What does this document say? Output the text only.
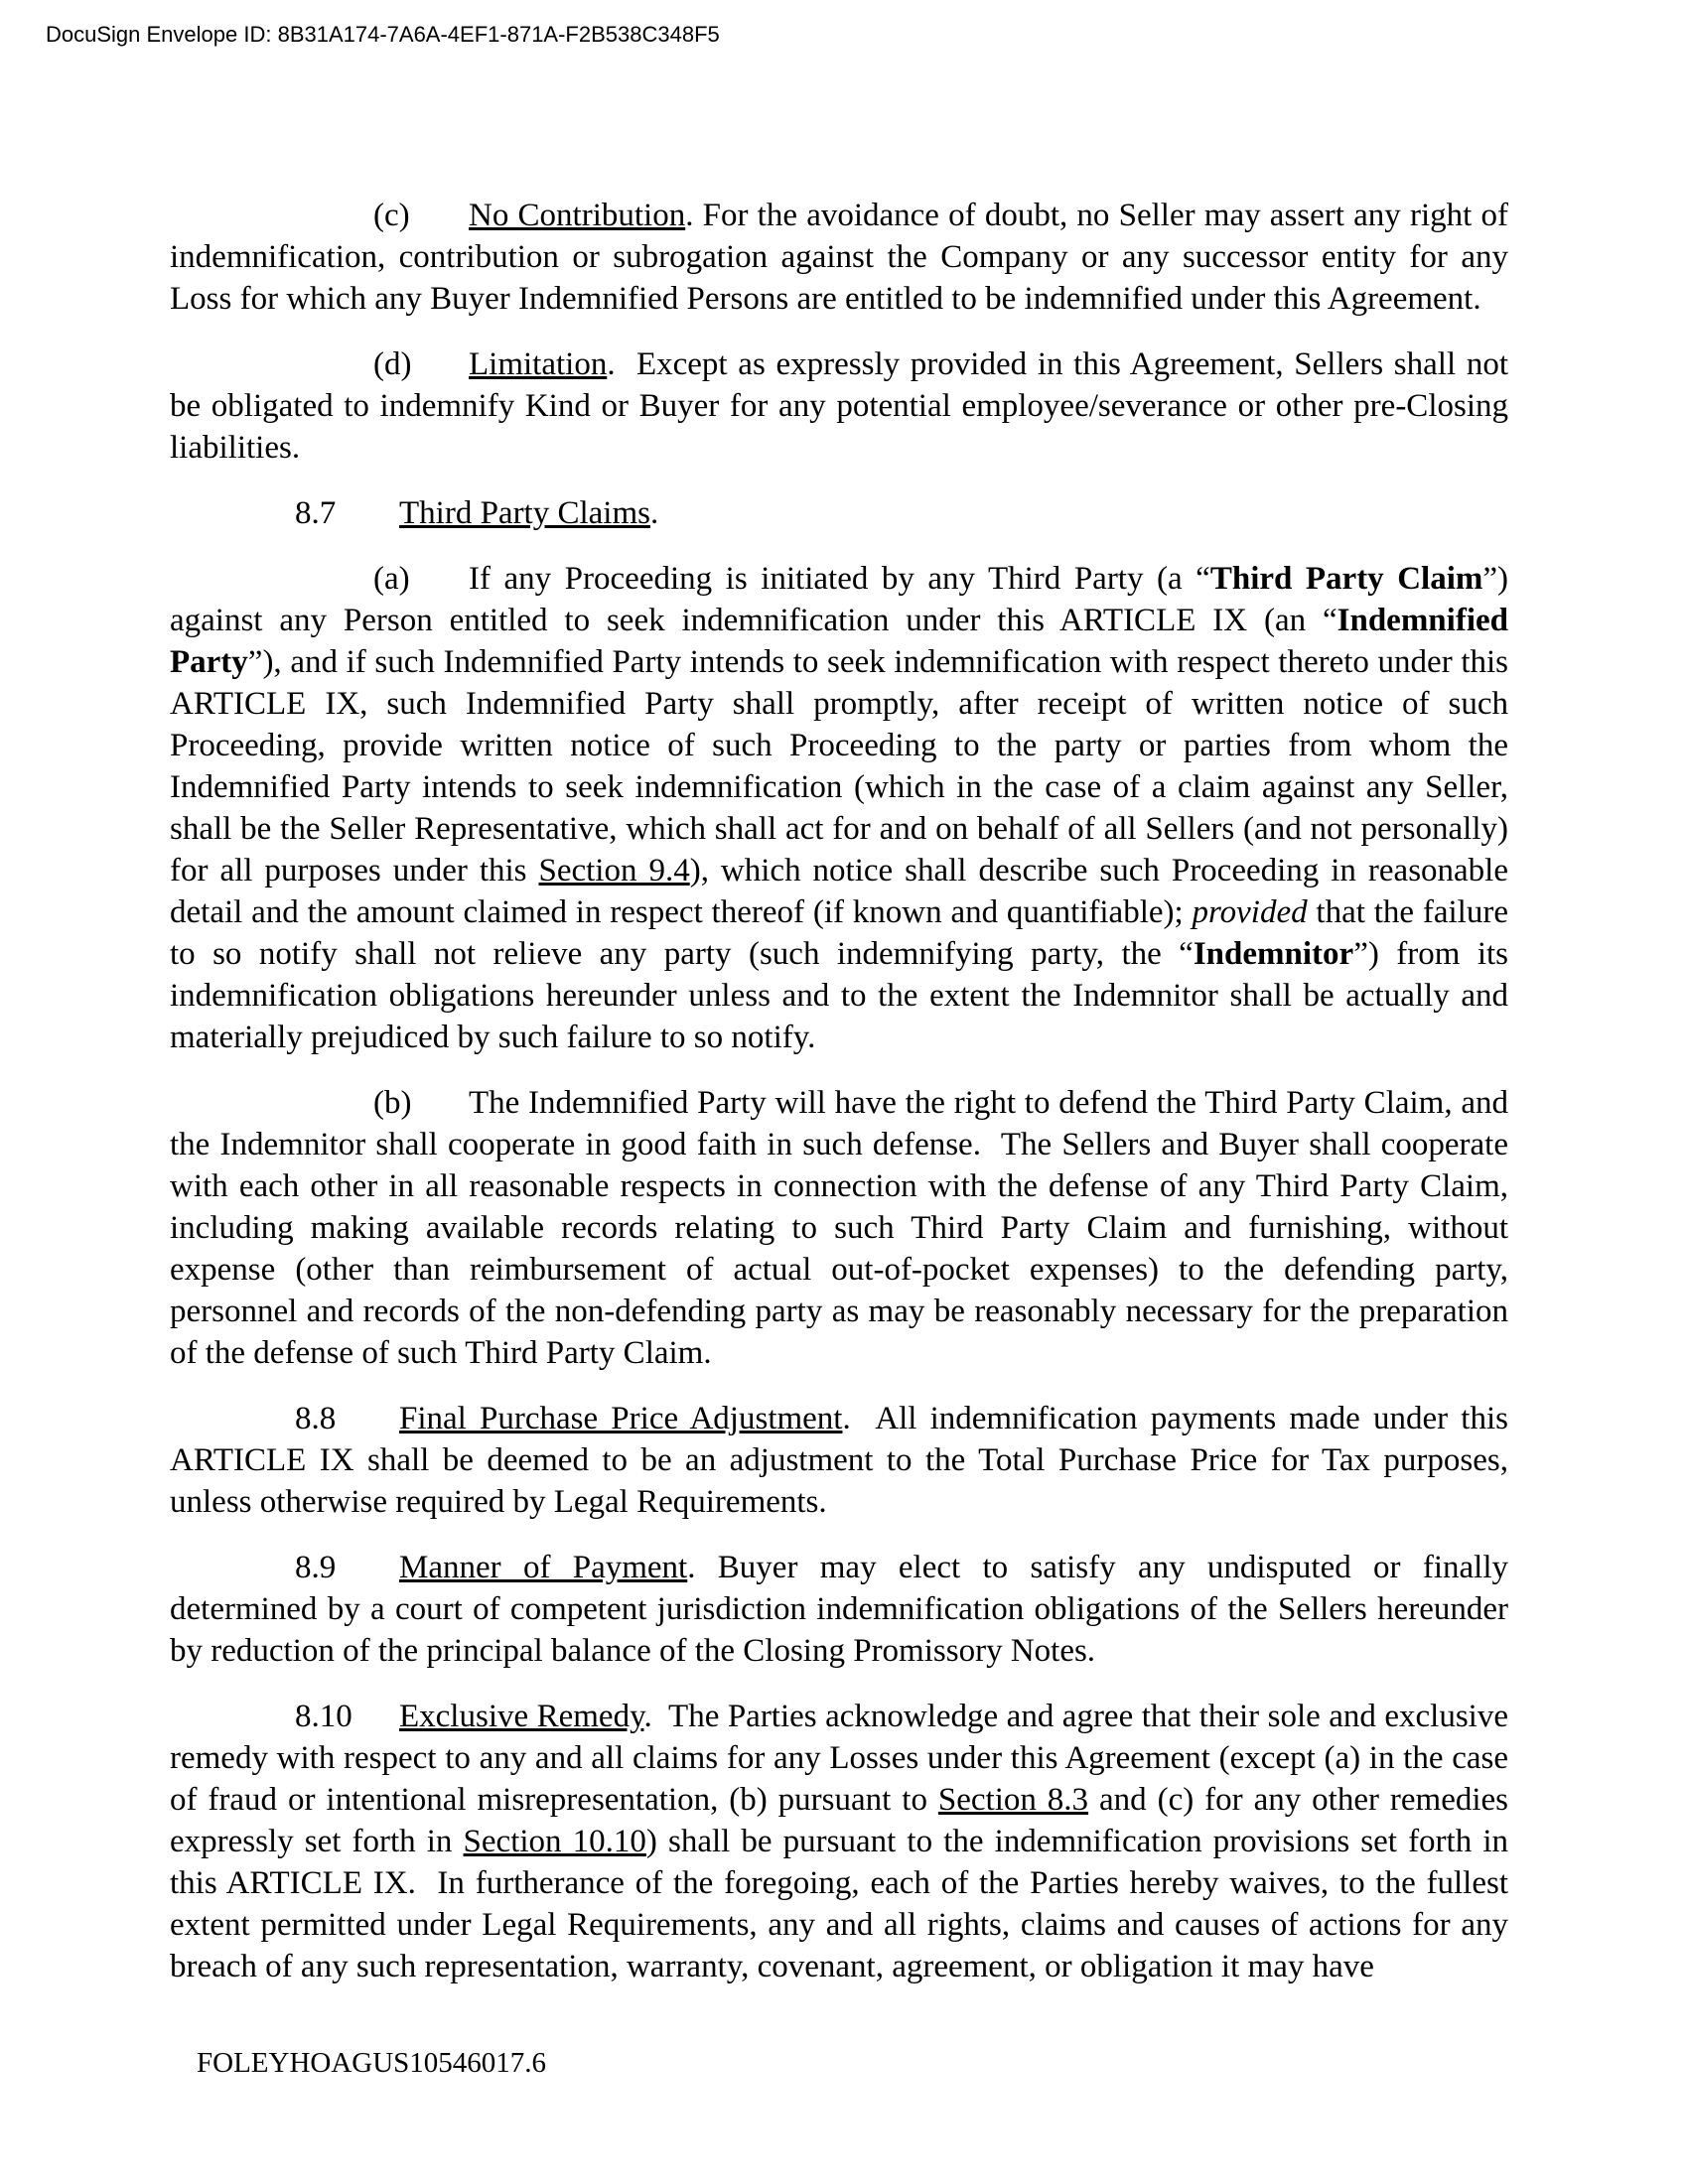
DocuSign Envelope ID: 8B31A174-7A6A-4EF1-871A-F2B538C348F5

(c) No Contribution. For the avoidance of doubt, no Seller may assert any right of indemnification, contribution or subrogation against the Company or any successor entity for any Loss for which any Buyer Indemnified Persons are entitled to be indemnified under this Agreement.

(d) Limitation.  Except as expressly provided in this Agreement, Sellers shall not be obligated to indemnify Kind or Buyer for any potential employee/severance or other pre-Closing liabilities.

8.7 Third Party Claims.

(a) If any Proceeding is initiated by any Third Party (a “Third Party Claim”) against any Person entitled to seek indemnification under this ARTICLE IX (an “Indemnified Party”), and if such Indemnified Party intends to seek indemnification with respect thereto under this ARTICLE IX, such Indemnified Party shall promptly, after receipt of written notice of such Proceeding, provide written notice of such Proceeding to the party or parties from whom the Indemnified Party intends to seek indemnification (which in the case of a claim against any Seller, shall be the Seller Representative, which shall act for and on behalf of all Sellers (and not personally) for all purposes under this Section 9.4), which notice shall describe such Proceeding in reasonable detail and the amount claimed in respect thereof (if known and quantifiable); provided that the failure to so notify shall not relieve any party (such indemnifying party, the “Indemnitor”) from its indemnification obligations hereunder unless and to the extent the Indemnitor shall be actually and materially prejudiced by such failure to so notify.

(b) The Indemnified Party will have the right to defend the Third Party Claim, and the Indemnitor shall cooperate in good faith in such defense.  The Sellers and Buyer shall cooperate with each other in all reasonable respects in connection with the defense of any Third Party Claim, including making available records relating to such Third Party Claim and furnishing, without expense (other than reimbursement of actual out-of-pocket expenses) to the defending party, personnel and records of the non-defending party as may be reasonably necessary for the preparation of the defense of such Third Party Claim.

8.8 Final Purchase Price Adjustment.  All indemnification payments made under this ARTICLE IX shall be deemed to be an adjustment to the Total Purchase Price for Tax purposes, unless otherwise required by Legal Requirements.

8.9 Manner of Payment. Buyer may elect to satisfy any undisputed or finally determined by a court of competent jurisdiction indemnification obligations of the Sellers hereunder by reduction of the principal balance of the Closing Promissory Notes.

8.10 Exclusive Remedy.  The Parties acknowledge and agree that their sole and exclusive remedy with respect to any and all claims for any Losses under this Agreement (except (a) in the case of fraud or intentional misrepresentation, (b) pursuant to Section 8.3 and (c) for any other remedies expressly set forth in Section 10.10) shall be pursuant to the indemnification provisions set forth in this ARTICLE IX.  In furtherance of the foregoing, each of the Parties hereby waives, to the fullest extent permitted under Legal Requirements, any and all rights, claims and causes of actions for any breach of any such representation, warranty, covenant, agreement, or obligation it may have

FOLEYHOAGUS10546017.6
